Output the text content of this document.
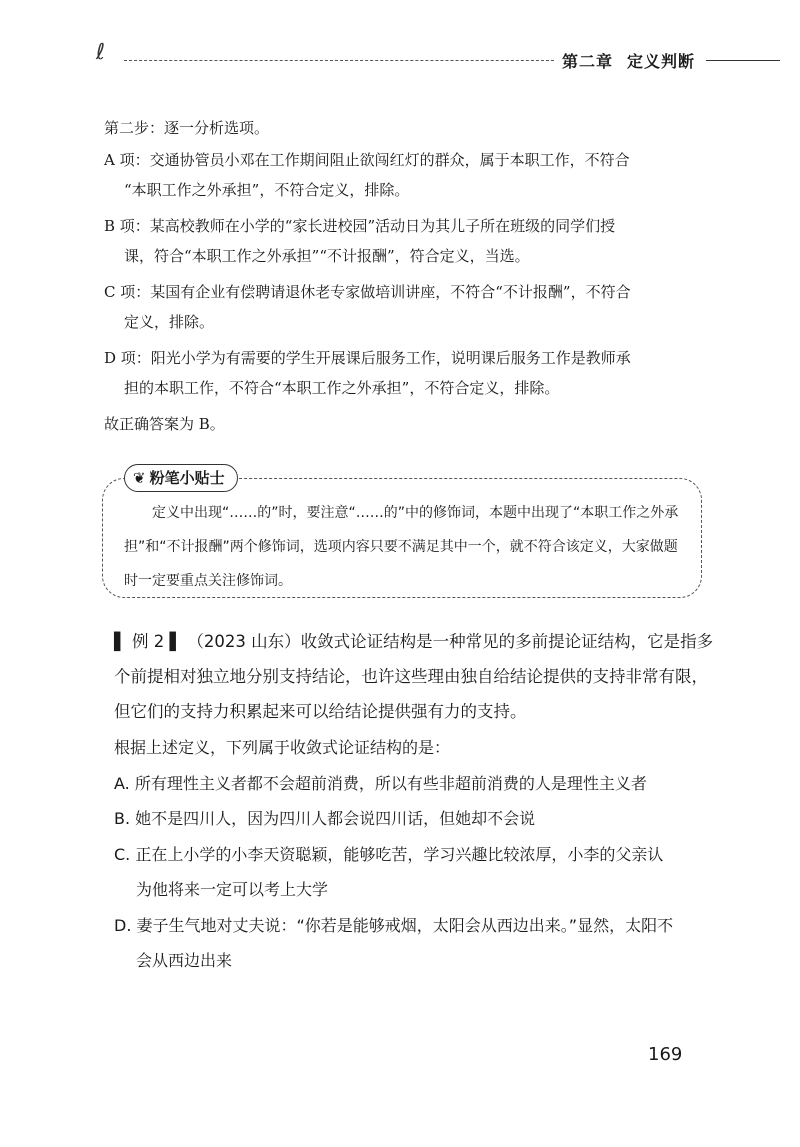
ℓ	第二章 定义判断

第二步：逐一分析选项。

A 项：交通协管员小邓在工作期间阻止欲闯红灯的群众，属于本职工作，不符合

“本职工作之外承担”，不符合定义，排除。

B 项：某高校教师在小学的“家长进校园”活动日为其儿子所在班级的同学们授

课，符合“本职工作之外承担”“不计报酬”，符合定义，当选。

C 项：某国有企业有偿聘请退休老专家做培训讲座，不符合“不计报酬”，不符合

定义，排除。

D 项：阳光小学为有需要的学生开展课后服务工作，说明课后服务工作是教师承

担的本职工作，不符合“本职工作之外承担”，不符合定义，排除。

故正确答案为 B。

❦ 粉笔小贴士

定义中出现“……的”时，要注意“……的”中的修饰词，本题中出现了“本职工作之外承担”和“不计报酬”两个修饰词，选项内容只要不满足其中一个，就不符合该定义，大家做题时一定要重点关注修饰词。

▌ 例 2 ▌ （2023 山东）收敛式论证结构是一种常见的多前提论证结构，它是指多个前提相对独立地分别支持结论，也许这些理由独自给结论提供的支持非常有限，但它们的支持力积累起来可以给结论提供强有力的支持。

根据上述定义，下列属于收敛式论证结构的是：

A. 所有理性主义者都不会超前消费，所以有些非超前消费的人是理性主义者

B. 她不是四川人，因为四川人都会说四川话，但她却不会说

C. 正在上小学的小李天资聪颖，能够吃苦，学习兴趣比较浓厚，小李的父亲认

为他将来一定可以考上大学

D. 妻子生气地对丈夫说：“你若是能够戒烟，太阳会从西边出来。”显然，太阳不

会从西边出来

169
